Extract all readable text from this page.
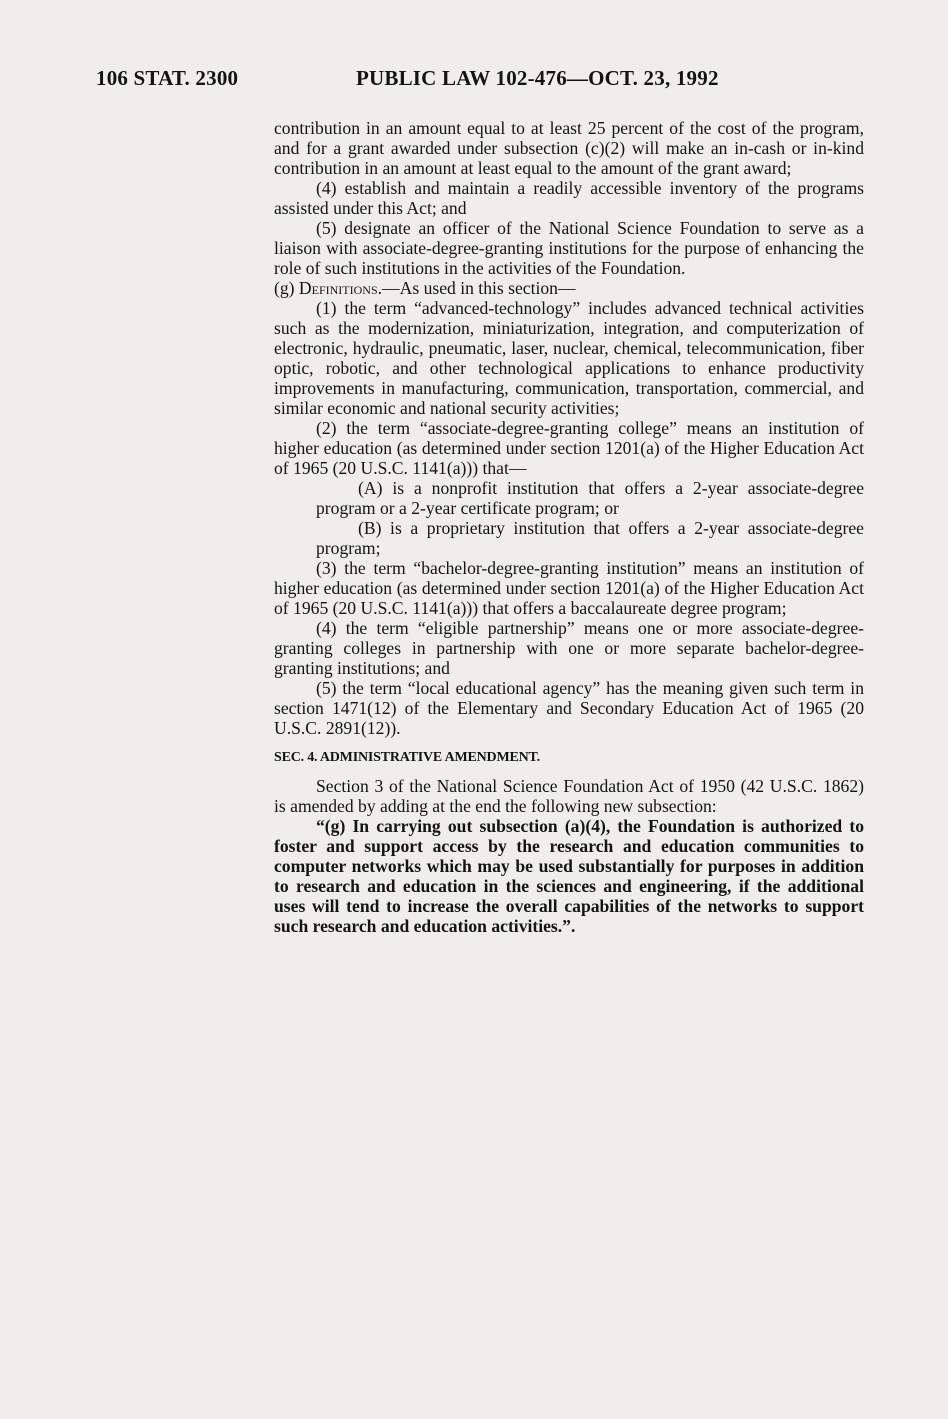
106 STAT. 2300	PUBLIC LAW 102-476—OCT. 23, 1992

contribution in an amount equal to at least 25 percent of the cost of the program, and for a grant awarded under subsection (c)(2) will make an in-cash or in-kind contribution in an amount at least equal to the amount of the grant award;

(4) establish and maintain a readily accessible inventory of the programs assisted under this Act; and

(5) designate an officer of the National Science Foundation to serve as a liaison with associate-degree-granting institutions for the purpose of enhancing the role of such institutions in the activities of the Foundation.

(g) Definitions.—As used in this section—

(1) the term “advanced-technology” includes advanced technical activities such as the modernization, miniaturization, integration, and computerization of electronic, hydraulic, pneumatic, laser, nuclear, chemical, telecommunication, fiber optic, robotic, and other technological applications to enhance productivity improvements in manufacturing, communication, transportation, commercial, and similar economic and national security activities;

(2) the term “associate-degree-granting college” means an institution of higher education (as determined under section 1201(a) of the Higher Education Act of 1965 (20 U.S.C. 1141(a))) that—

(A) is a nonprofit institution that offers a 2-year associate-degree program or a 2-year certificate program; or

(B) is a proprietary institution that offers a 2-year associate-degree program;

(3) the term “bachelor-degree-granting institution” means an institution of higher education (as determined under section 1201(a) of the Higher Education Act of 1965 (20 U.S.C. 1141(a))) that offers a baccalaureate degree program;

(4) the term “eligible partnership” means one or more associate-degree-granting colleges in partnership with one or more separate bachelor-degree-granting institutions; and

(5) the term “local educational agency” has the meaning given such term in section 1471(12) of the Elementary and Secondary Education Act of 1965 (20 U.S.C. 2891(12)).

SEC. 4. ADMINISTRATIVE AMENDMENT.

Section 3 of the National Science Foundation Act of 1950 (42 U.S.C. 1862) is amended by adding at the end the following new subsection:

“(g) In carrying out subsection (a)(4), the Foundation is authorized to foster and support access by the research and education communities to computer networks which may be used substantially for purposes in addition to research and education in the sciences and engineering, if the additional uses will tend to increase the overall capabilities of the networks to support such research and education activities.”.
